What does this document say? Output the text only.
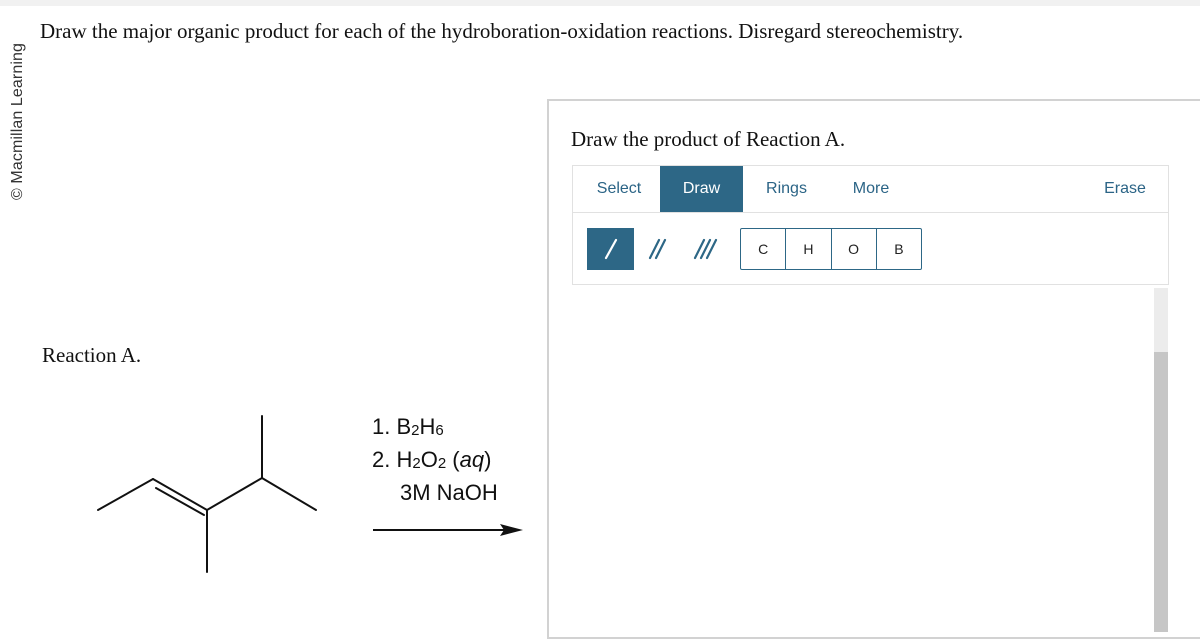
© Macmillan Learning
Draw the major organic product for each of the hydroboration-oxidation reactions. Disregard stereochemistry.
Reaction A.
1. $B_2H_6$
2. $H_2O_2$ (aq)
3M NaOH
Draw the product of Reaction A.
Select	Draw	Rings	More	Erase
C	H	O	B
